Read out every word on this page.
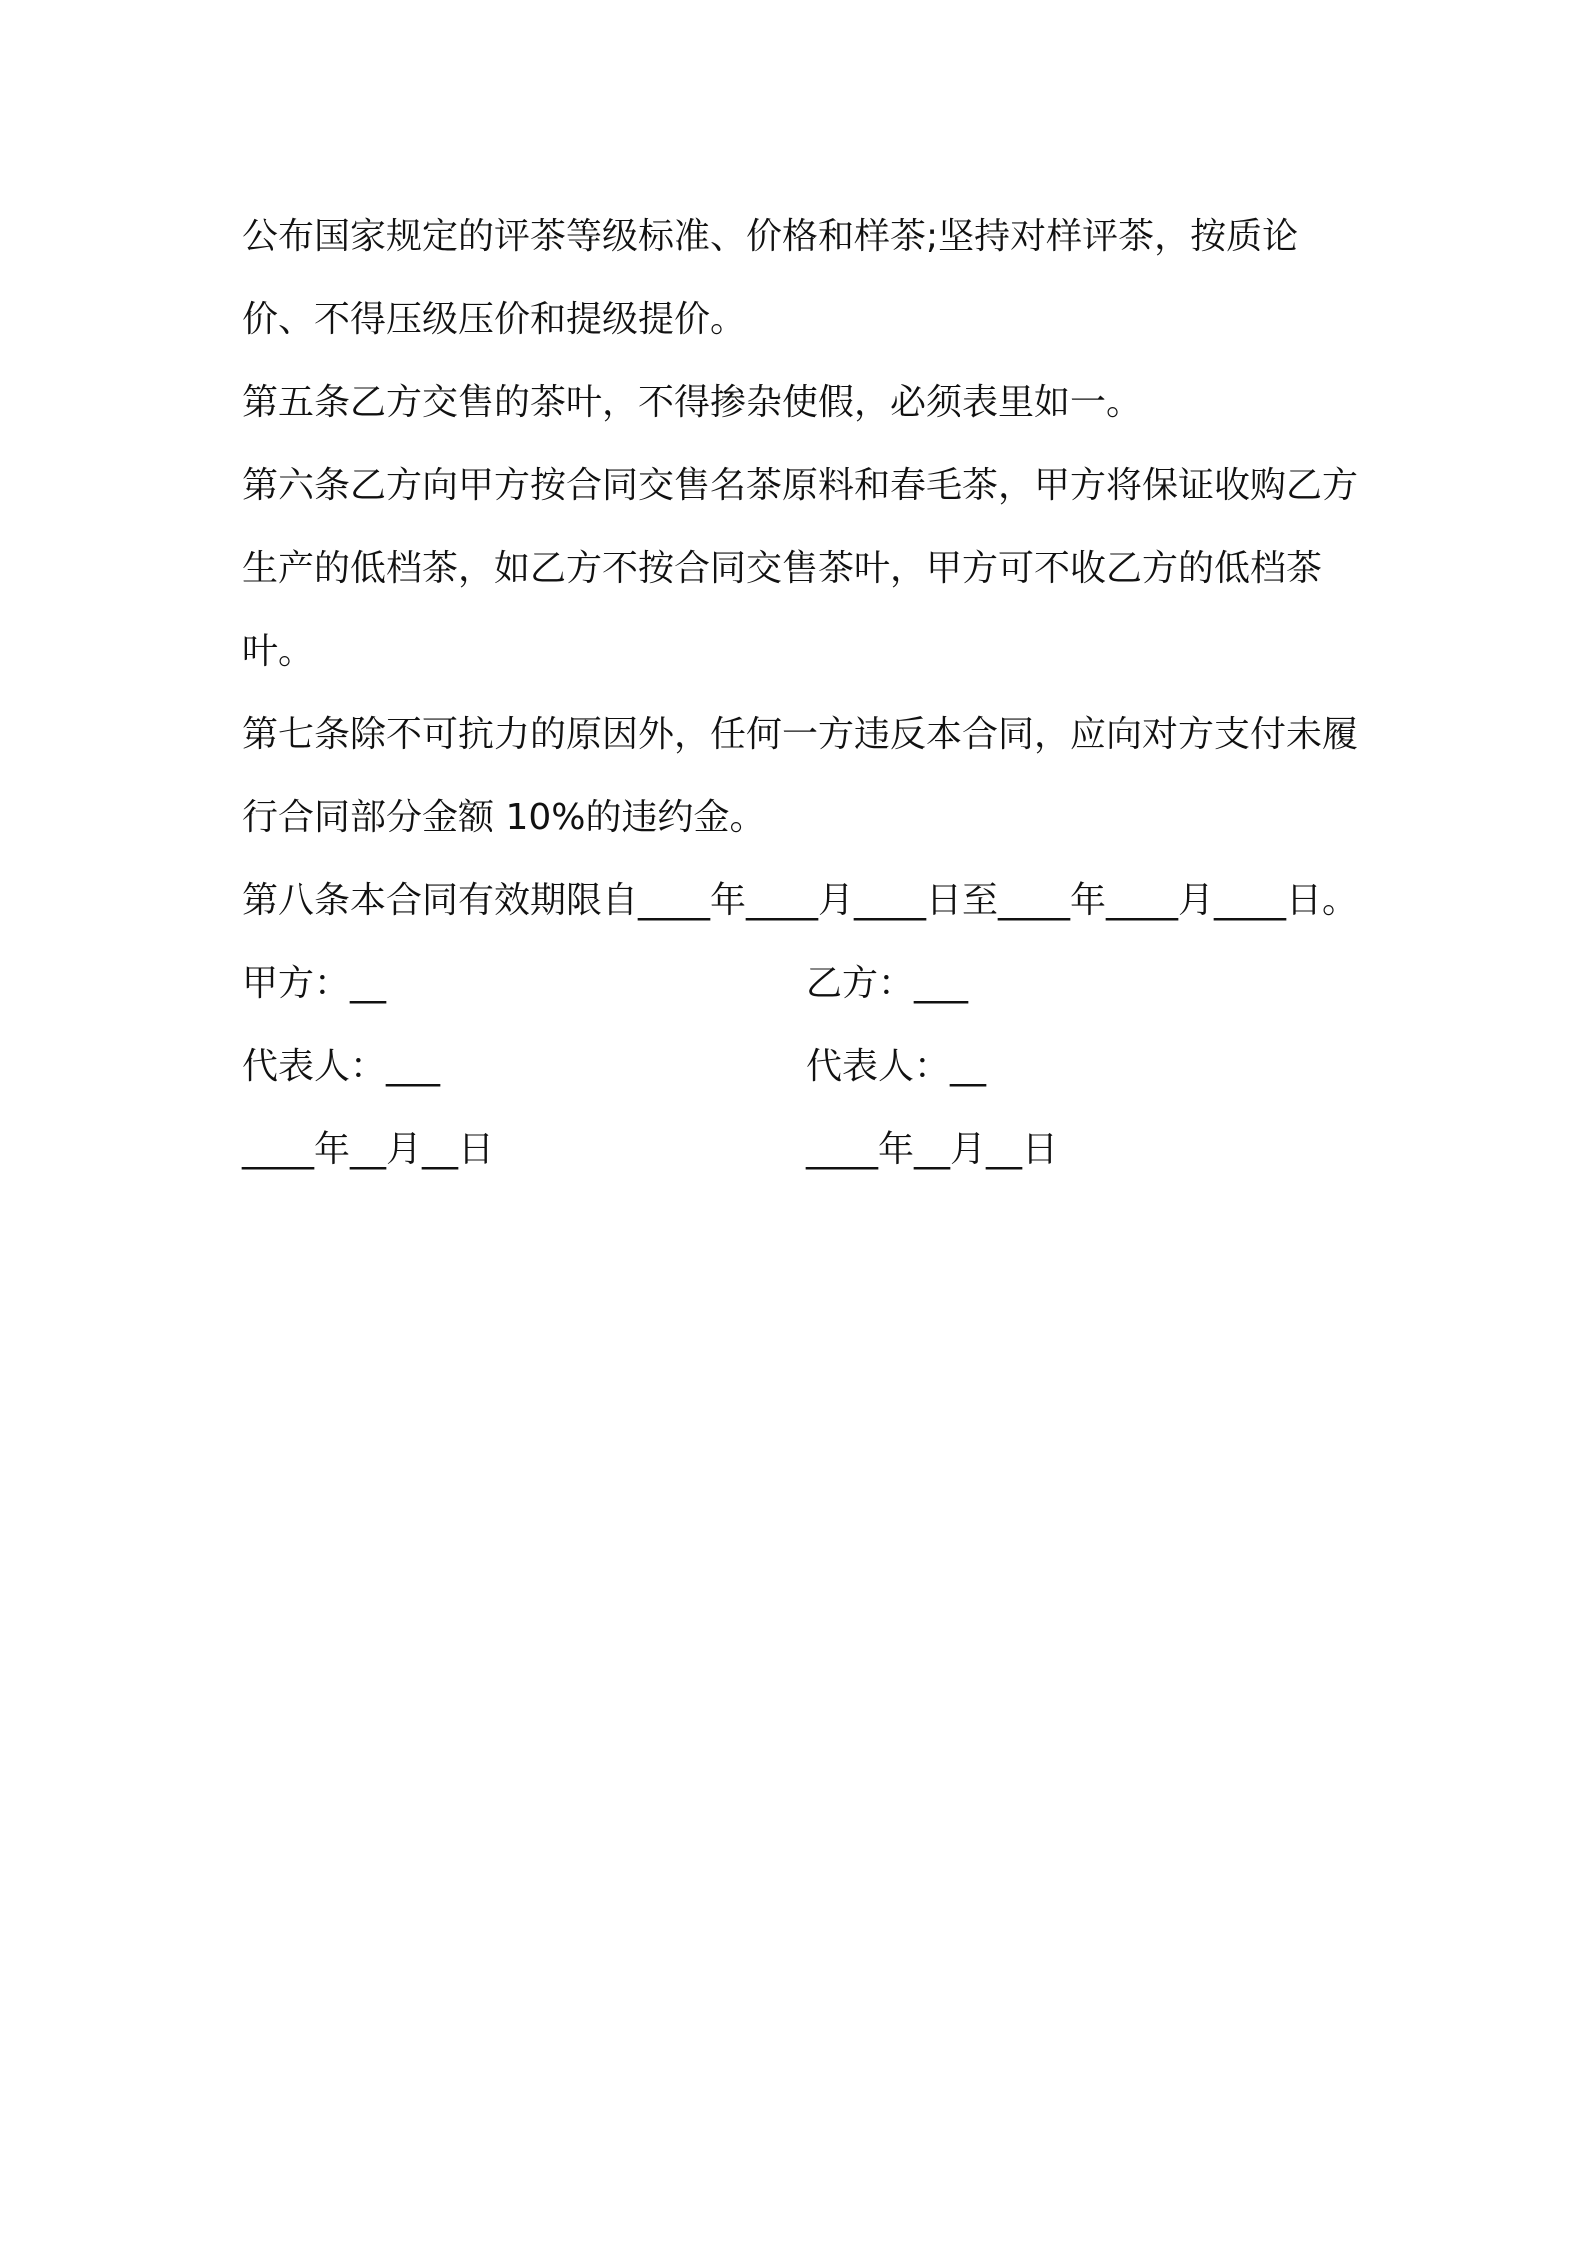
公布国家规定的评茶等级标准、价格和样茶;坚持对样评茶，按质论价、不得压级压价和提级提价。

第五条乙方交售的茶叶，不得掺杂使假，必须表里如一。

第六条乙方向甲方按合同交售名茶原料和春毛茶，甲方将保证收购乙方生产的低档茶，如乙方不按合同交售茶叶，甲方可不收乙方的低档茶叶。

第七条除不可抗力的原因外，任何一方违反本合同，应向对方支付未履行合同部分金额 10%的违约金。

第八条本合同有效期限自____年____月____日至____年____月____日。

甲方：__	乙方：___
代表人：___	代表人：__
____年__月__日	____年__月__日
